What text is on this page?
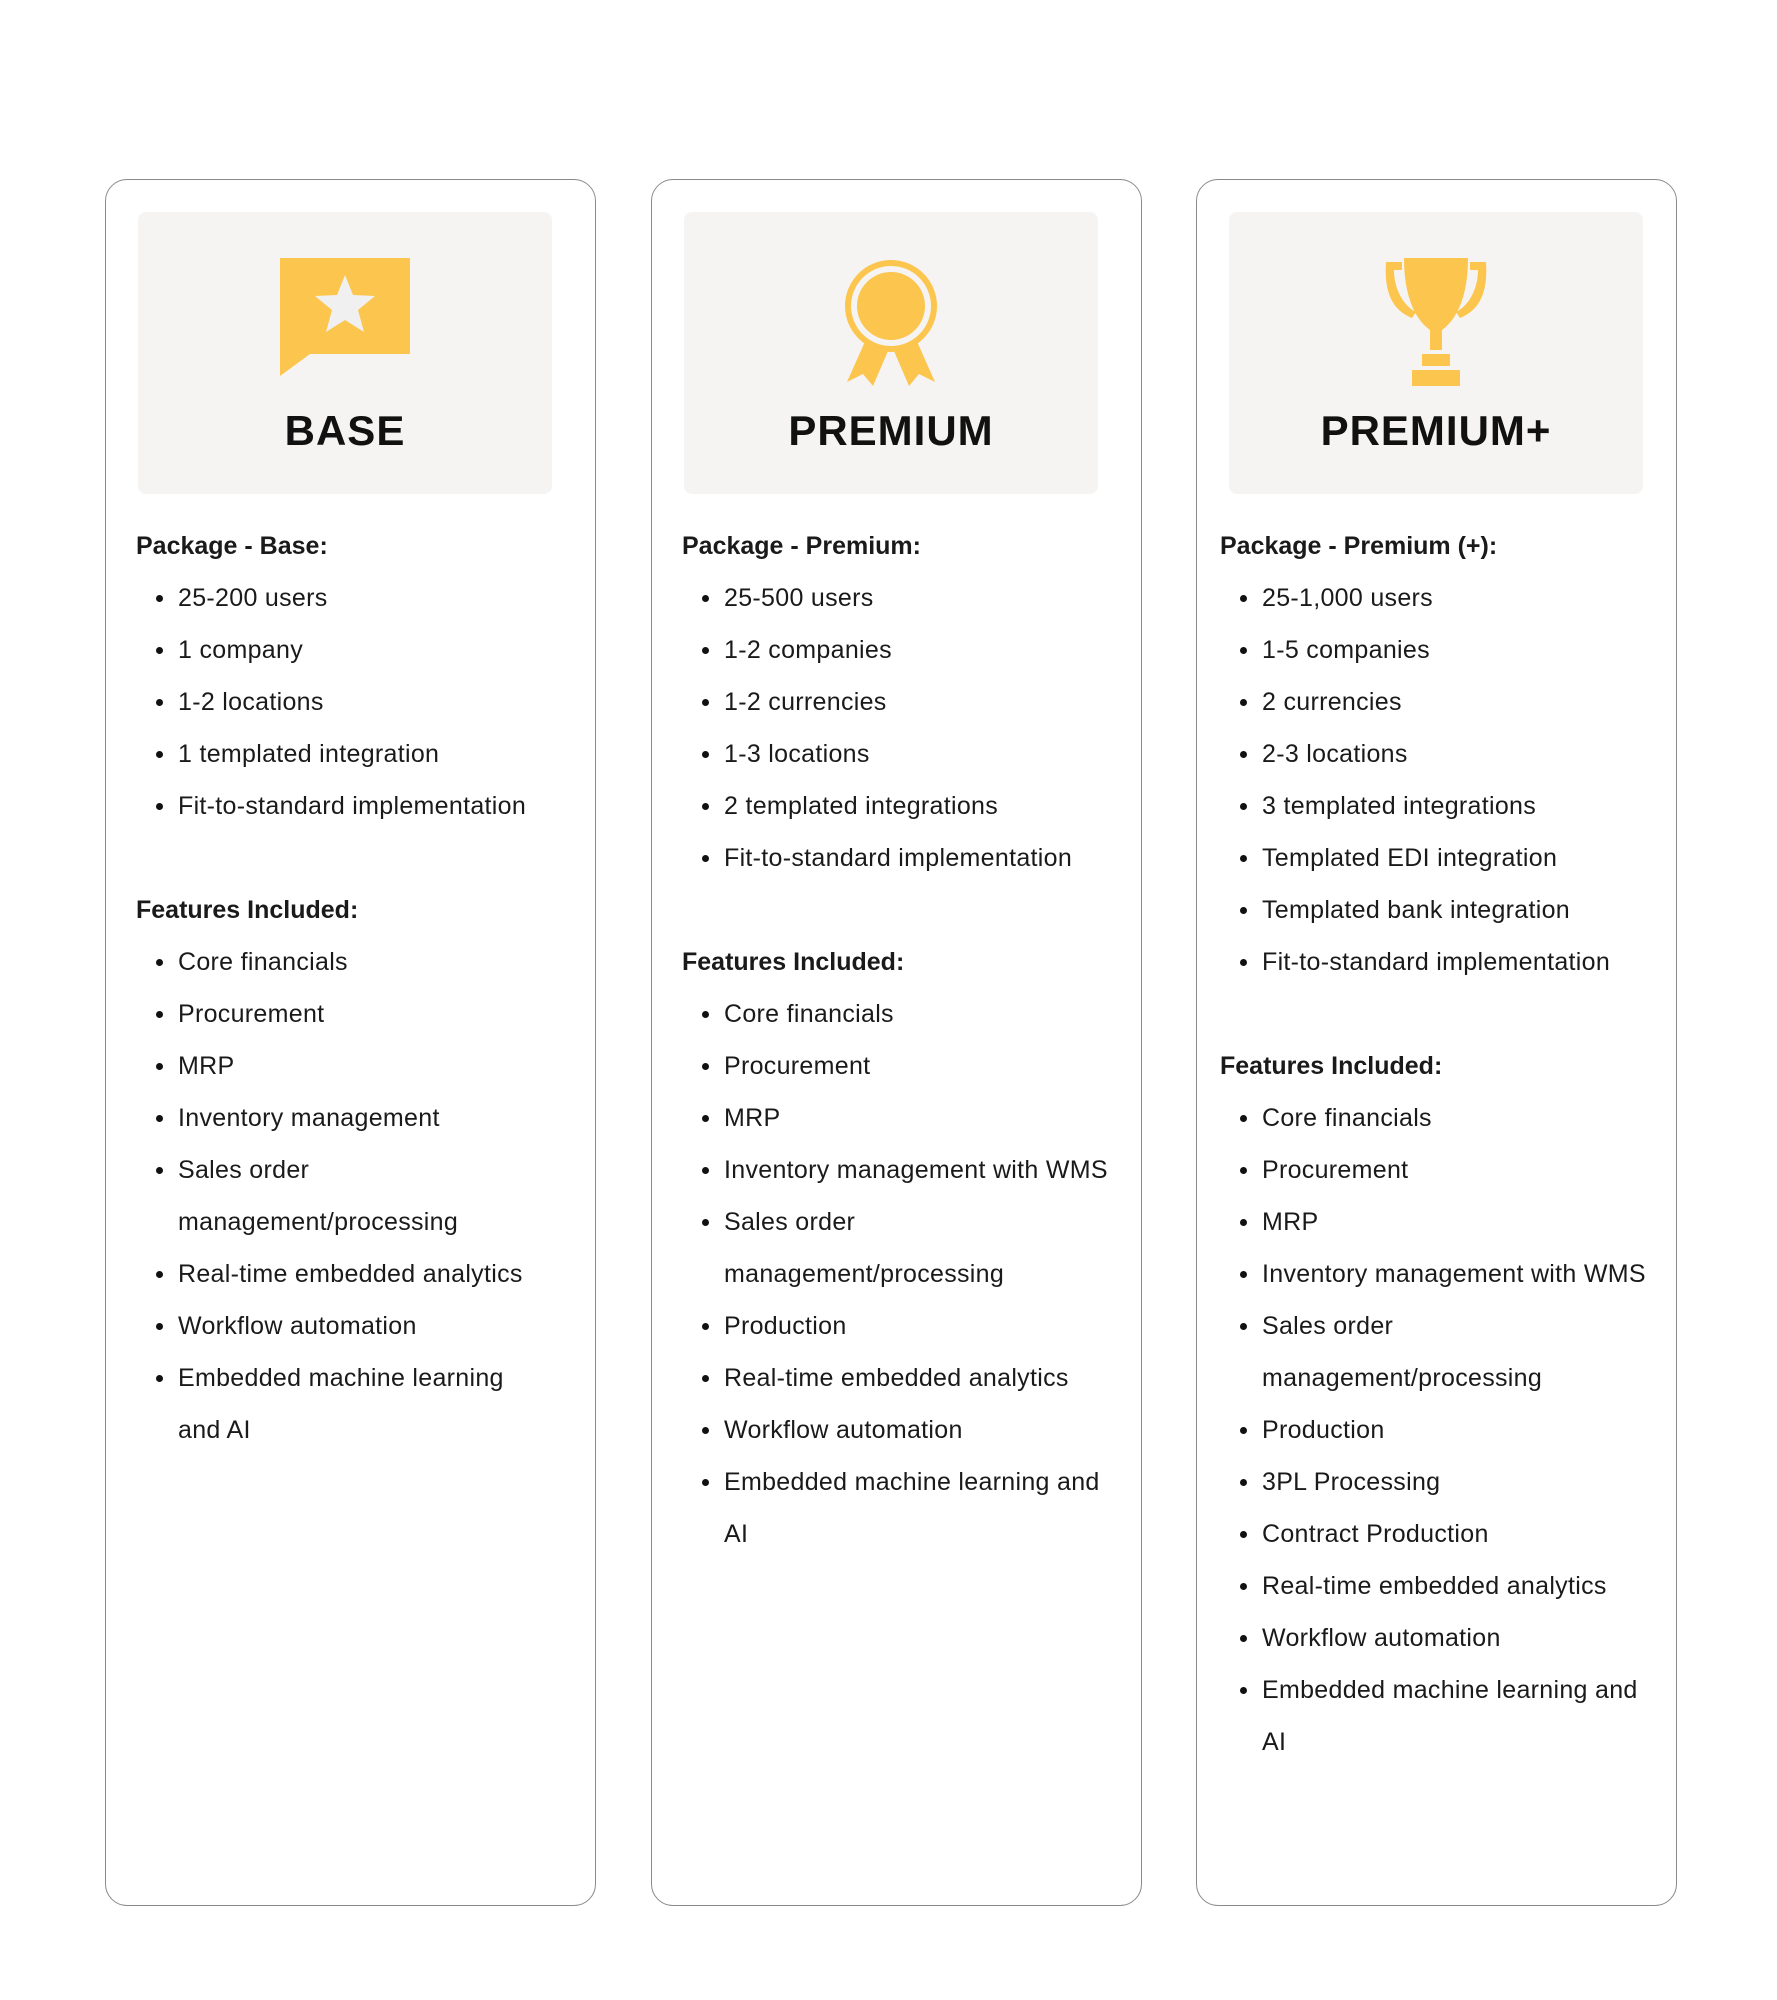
BASE

Package - Base:

25-200 users
1 company
1-2 locations
1 templated integration
Fit-to-standard implementation

Features Included:

Core financials
Procurement
MRP
Inventory management
Sales order management/processing
Real-time embedded analytics
Workflow automation
Embedded machine learning and AI
PREMIUM

Package - Premium:

25-500 users
1-2 companies
1-2 currencies
1-3 locations
2 templated integrations
Fit-to-standard implementation

Features Included:

Core financials
Procurement
MRP
Inventory management with WMS
Sales order management/processing
Production
Real-time embedded analytics
Workflow automation
Embedded machine learning and AI
PREMIUM+

Package - Premium (+):

25-1,000 users
1-5 companies
2 currencies
2-3 locations
3 templated integrations
Templated EDI integration
Templated bank integration
Fit-to-standard implementation

Features Included:

Core financials
Procurement
MRP
Inventory management with WMS
Sales order management/processing
Production
3PL Processing
Contract Production
Real-time embedded analytics
Workflow automation
Embedded machine learning and AI
